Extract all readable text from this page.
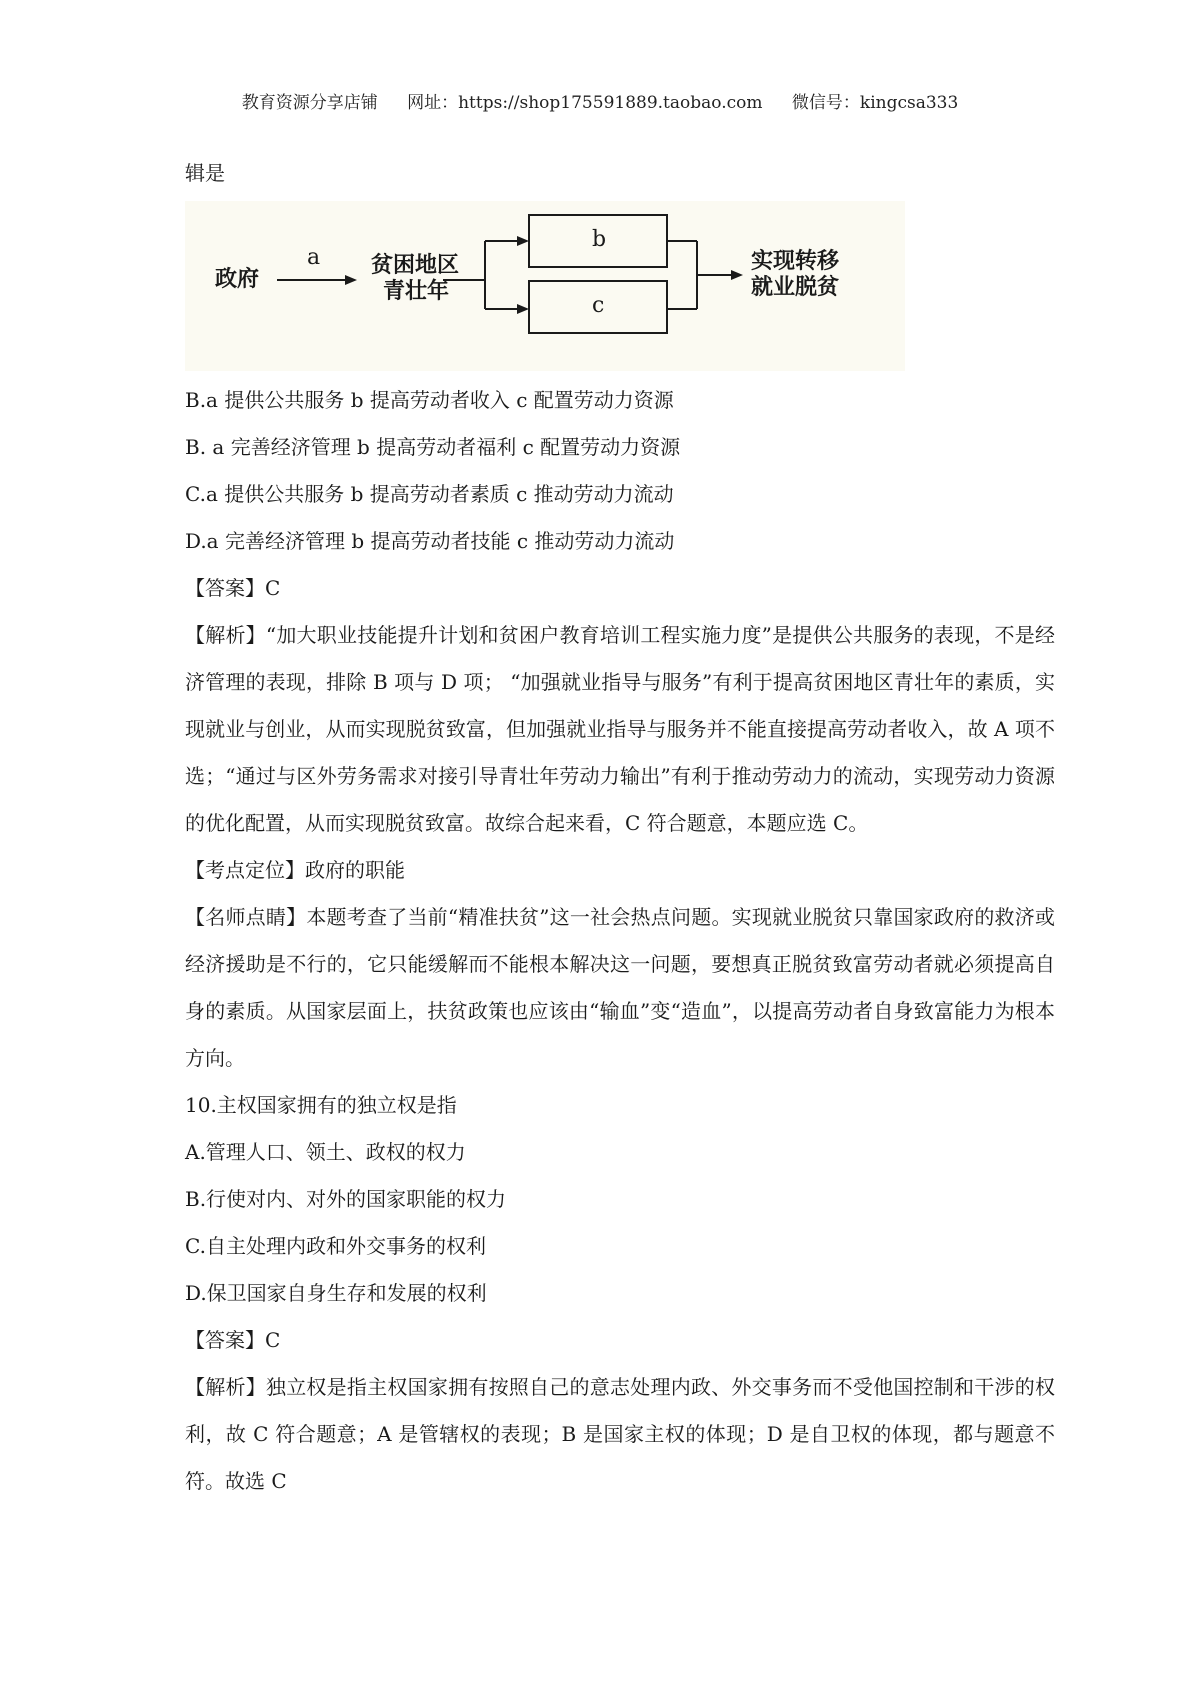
教育资源分享店铺 网址：https://shop175591889.taobao.com 微信号：kingcsa333

辑是

政府
a 贫困地区
青壮年
b
c
实现转移
就业脱贫

B.a 提供公共服务 b 提高劳动者收入 c 配置劳动力资源

B. a 完善经济管理 b 提高劳动者福利 c 配置劳动力资源

C.a 提供公共服务 b 提高劳动者素质 c 推动劳动力流动

D.a 完善经济管理 b 提高劳动者技能 c 推动劳动力流动

【答案】C

【解析】“加大职业技能提升计划和贫困户教育培训工程实施力度”是提供公共服务的表现，不是经济管理的表现，排除 B 项与 D 项； “加强就业指导与服务”有利于提高贫困地区青壮年的素质，实现就业与创业，从而实现脱贫致富，但加强就业指导与服务并不能直接提高劳动者收入，故 A 项不选；“通过与区外劳务需求对接引导青壮年劳动力输出”有利于推动劳动力的流动，实现劳动力资源的优化配置，从而实现脱贫致富。故综合起来看，C 符合题意，本题应选 C。

【考点定位】政府的职能

【名师点睛】本题考查了当前“精准扶贫”这一社会热点问题。实现就业脱贫只靠国家政府的救济或经济援助是不行的，它只能缓解而不能根本解决这一问题，要想真正脱贫致富劳动者就必须提高自身的素质。从国家层面上，扶贫政策也应该由“输血”变“造血”，以提高劳动者自身致富能力为根本方向。

10.主权国家拥有的独立权是指

A.管理人口、领土、政权的权力

B.行使对内、对外的国家职能的权力

C.自主处理内政和外交事务的权利

D.保卫国家自身生存和发展的权利

【答案】C

【解析】独立权是指主权国家拥有按照自己的意志处理内政、外交事务而不受他国控制和干涉的权利，故 C 符合题意；A 是管辖权的表现；B 是国家主权的体现；D 是自卫权的体现，都与题意不符。故选 C
